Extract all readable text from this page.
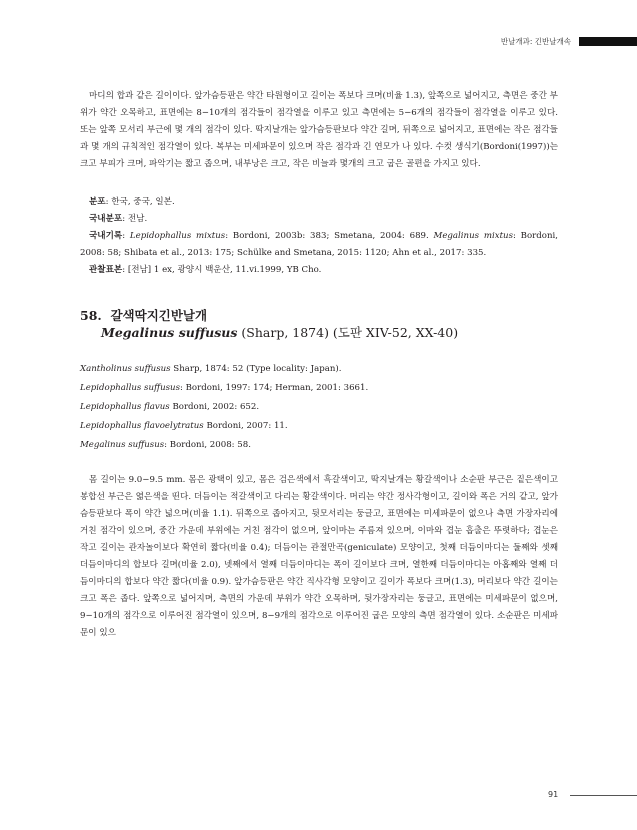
반날개과: 긴반날개속

마디의 합과 같은 길이이다. 앞가슴등판은 약간 타원형이고 길이는 폭보다 크며(비율 1.3), 앞쪽으로 넓어지고, 측면은 중간 부위가 약간 오목하고, 표면에는 8−10개의 점각들이 점각열을 이루고 있고 측면에는 5−6개의 점각들이 점각열을 이루고 있다. 또는 앞쪽 모서리 부근에 몇 개의 점각이 있다. 딱지날개는 앞가슴등판보다 약간 길며, 뒤쪽으로 넓어지고, 표면에는 작은 점각들과 몇 개의 규칙적인 점각열이 있다. 복부는 미세파문이 있으며 작은 점각과 긴 연모가 나 있다. 수컷 생식기(Bordoni(1997))는 크고 부피가 크며, 파악기는 짧고 좁으며, 내부낭은 크고, 작은 비늘과 몇개의 크고 굽은 골편을 가지고 있다.

분포: 한국, 중국, 일본.

국내분포: 전남.

국내기록: Lepidophallus mixtus: Bordoni, 2003b: 383; Smetana, 2004: 689. Megalinus mixtus: Bordoni, 2008: 58; Shibata et al., 2013: 175; Schülke and Smetana, 2015: 1120; Ahn et al., 2017: 335.

관찰표본: [전남] 1 ex, 광양시 백운산, 11.vi.1999, YB Cho.

58. 갈색딱지긴반날개
Megalinus suffusus (Sharp, 1874) (도판 XIV-52, XX-40)

Xantholinus suffusus Sharp, 1874: 52 (Type locality: Japan).

Lepidophallus suffusus: Bordoni, 1997: 174; Herman, 2001: 3661.

Lepidophallus flavus Bordoni, 2002: 652.

Lepidophallus flavoelytratus Bordoni, 2007: 11.

Megalinus suffusus: Bordoni, 2008: 58.

몸 길이는 9.0−9.5 mm. 몸은 광택이 있고, 몸은 검은색에서 흑갈색이고, 딱지날개는 황갈색이나 소순판 부근은 짙은색이고 봉합선 부근은 엷은색을 띤다. 더듬이는 적갈색이고 다리는 황갈색이다. 머리는 약간 정사각형이고, 길이와 폭은 거의 같고, 앞가슴등판보다 폭이 약간 넓으며(비율 1.1). 뒤쪽으로 좁아지고, 뒷모서리는 둥글고, 표면에는 미세파문이 없으나 측면 가장자리에 거친 점각이 있으며, 중간 가운데 부위에는 거친 점각이 없으며, 앞이마는 주름져 있으며, 이마와 겹눈 흡출은 뚜렷하다; 겹눈은 작고 길이는 관자놀이보다 확연히 짧다(비율 0.4); 더듬이는 관절만곡(geniculate) 모양이고, 첫째 더듬이마디는 둘째와 셋째 더듬이마디의 합보다 길며(비율 2.0), 넷째에서 열째 더듬이마디는 폭이 길이보다 크며, 열한째 더듬이마디는 아홉째와 열째 더듬이마디의 합보다 약간 짧다(비율 0.9). 앞가슴등판은 약간 직사각형 모양이고 길이가 폭보다 크며(1.3), 머리보다 약간 길이는 크고 폭은 좁다. 앞쪽으로 넓어지며, 측면의 가운데 부위가 약간 오목하며, 뒷가장자리는 둥글고, 표면에는 미세파문이 없으며, 9−10개의 점각으로 이루어진 점각열이 있으며, 8−9개의 점각으로 이루어진 굽은 모양의 측면 점각열이 있다. 소순판은 미세파문이 있으

91
